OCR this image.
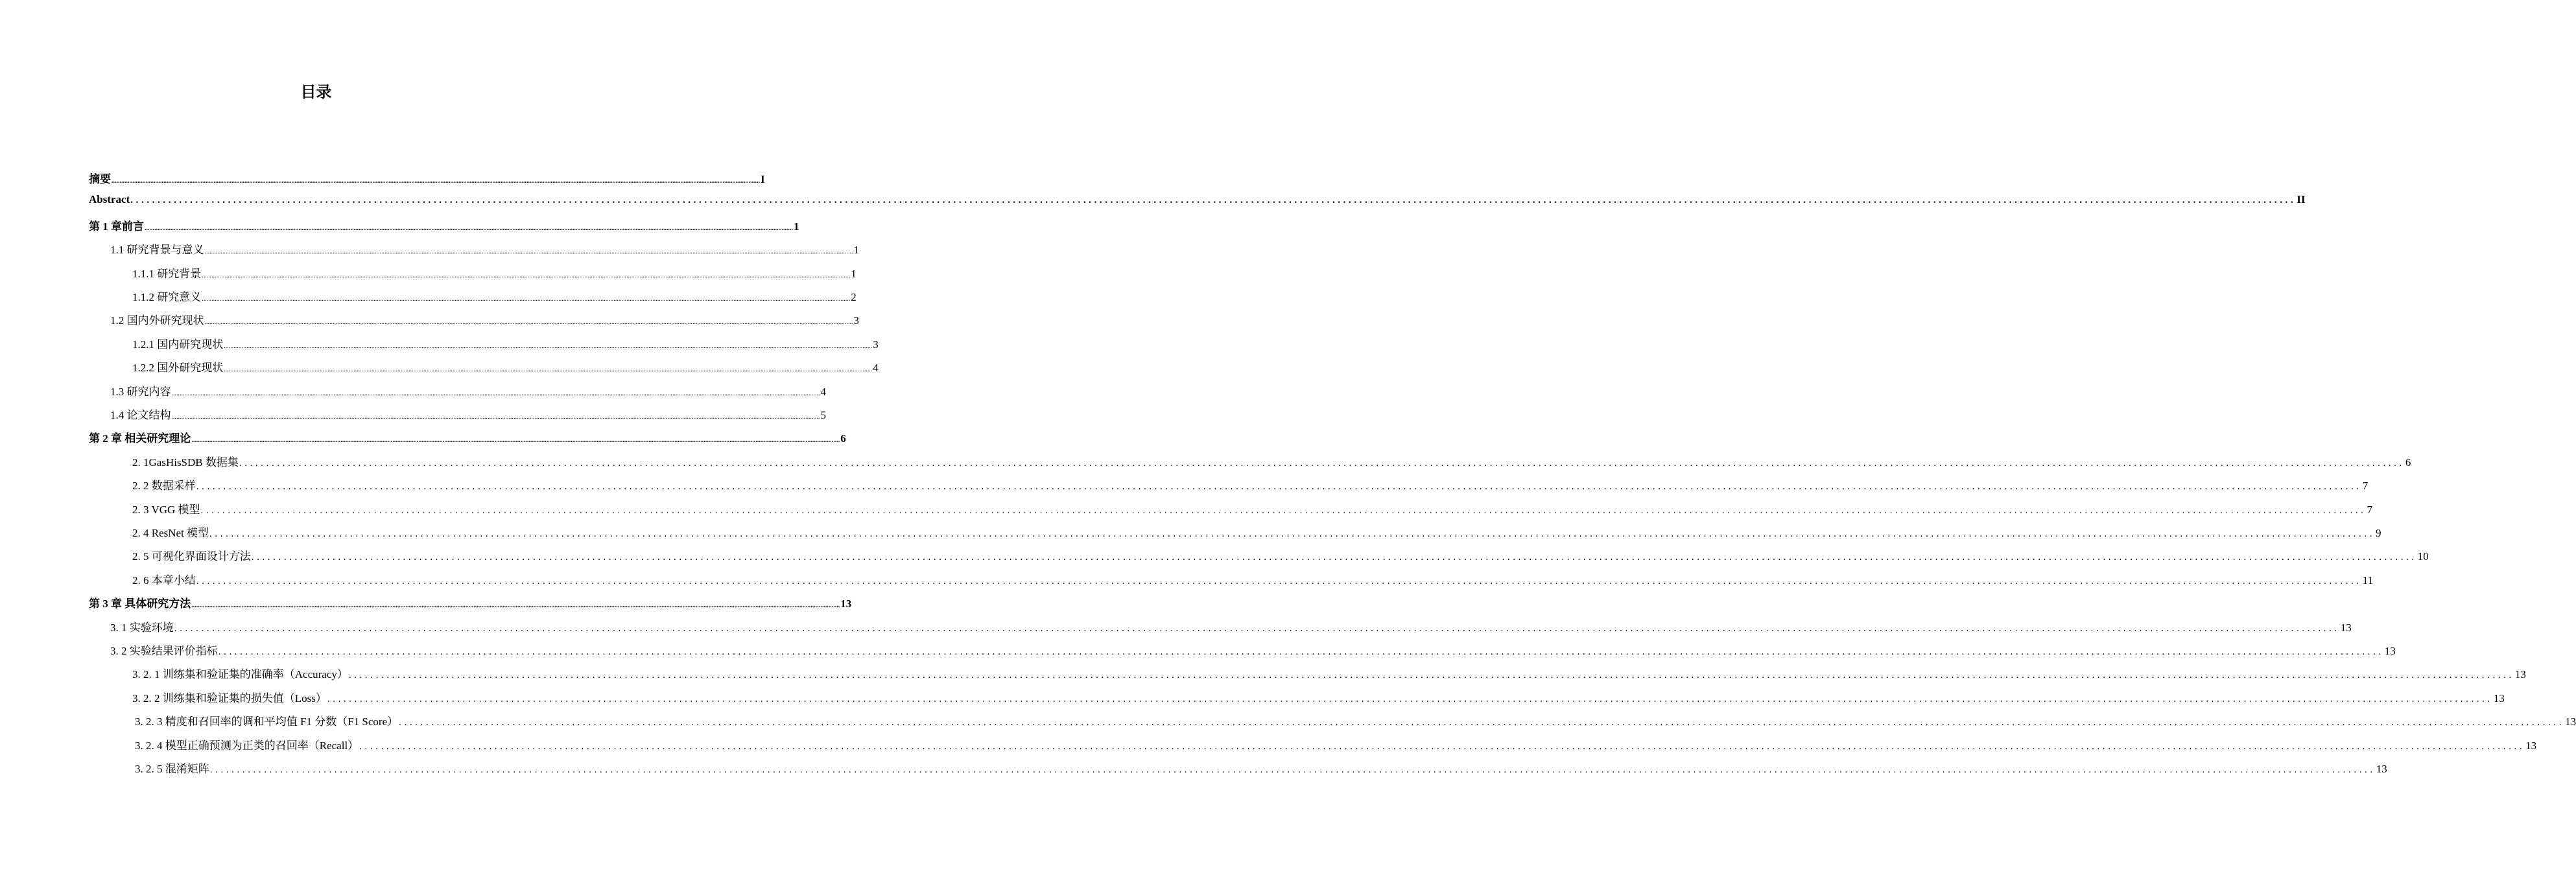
目录
摘要 ................................................................................................................................................................................................................................................................................................................................................................................................................ I
Abstract ................................................................................................................................................................................................................................................................................................................................................................................................................ II
第 1 章前言 ................................................................................................................................................................................................................................................................................................................................................................................................................ 1
1.1 研究背景与意义 ................................................................................................................................................................................................................................................................................................................................................................................................................ 1
1.1.1 研究背景 ................................................................................................................................................................................................................................................................................................................................................................................................................ 1
1.1.2 研究意义 ................................................................................................................................................................................................................................................................................................................................................................................................................ 2
1.2 国内外研究现状 ................................................................................................................................................................................................................................................................................................................................................................................................................ 3
1.2.1 国内研究现状 ................................................................................................................................................................................................................................................................................................................................................................................................................ 3
1.2.2 国外研究现状 ................................................................................................................................................................................................................................................................................................................................................................................................................ 4
1.3 研究内容 ................................................................................................................................................................................................................................................................................................................................................................................................................ 4
1.4 论文结构 ................................................................................................................................................................................................................................................................................................................................................................................................................ 5
第 2 章 相关研究理论 ................................................................................................................................................................................................................................................................................................................................................................................................................ 6
2. 1GasHisSDB 数据集 ................................................................................................................................................................................................................................................................................................................................................................................................................ 6
2. 2 数据采样 ................................................................................................................................................................................................................................................................................................................................................................................................................ 7
2. 3 VGG 模型 ................................................................................................................................................................................................................................................................................................................................................................................................................ 7
2. 4 ResNet 模型 ................................................................................................................................................................................................................................................................................................................................................................................................................ 9
2. 5 可视化界面设计方法 ................................................................................................................................................................................................................................................................................................................................................................................................................ 10
2. 6 本章小结 ................................................................................................................................................................................................................................................................................................................................................................................................................ 11
第 3 章 具体研究方法 ................................................................................................................................................................................................................................................................................................................................................................................................................ 13
3. 1 实验环境 ................................................................................................................................................................................................................................................................................................................................................................................................................ 13
3. 2 实验结果评价指标 ................................................................................................................................................................................................................................................................................................................................................................................................................ 13
3. 2. 1 训练集和验证集的准确率（Accuracy） ................................................................................................................................................................................................................................................................................................................................................................................................................ 13
3. 2. 2 训练集和验证集的损失值（Loss） ................................................................................................................................................................................................................................................................................................................................................................................................................ 13
3. 2. 3 精度和召回率的调和平均值 F1 分数（F1 Score） ................................................................................................................................................................................................................................................................................................................................................................................................................ 13
3. 2. 4 模型正确预测为正类的召回率（Recall） ................................................................................................................................................................................................................................................................................................................................................................................................................ 13
3. 2. 5 混淆矩阵 ................................................................................................................................................................................................................................................................................................................................................................................................................ 13
